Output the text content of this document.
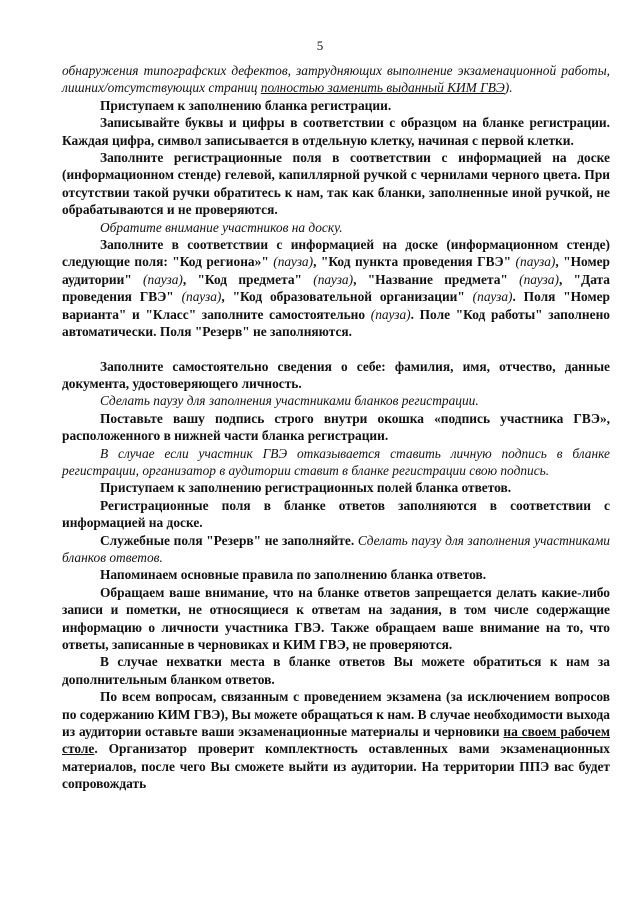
5

обнаружения типографских дефектов, затрудняющих выполнение экзаменационной работы, лишних/отсутствующих страниц полностью заменить выданный КИМ ГВЭ).

Приступаем к заполнению бланка регистрации.

Записывайте буквы и цифры в соответствии с образцом на бланке регистрации. Каждая цифра, символ записывается в отдельную клетку, начиная с первой клетки.

Заполните регистрационные поля в соответствии с информацией на доске (информационном стенде) гелевой, капиллярной ручкой с чернилами черного цвета. При отсутствии такой ручки обратитесь к нам, так как бланки, заполненные иной ручкой, не обрабатываются и не проверяются.

Обратите внимание участников на доску.

Заполните в соответствии с информацией на доске (информационном стенде) следующие поля: "Код региона»" (пауза), "Код пункта проведения ГВЭ" (пауза), "Номер аудитории" (пауза), "Код предмета" (пауза), "Название предмета" (пауза), "Дата проведения ГВЭ" (пауза), "Код образовательной организации" (пауза). Поля "Номер варианта" и "Класс" заполните самостоятельно (пауза). Поле "Код работы" заполнено автоматически. Поля "Резерв" не заполняются.

Заполните самостоятельно сведения о себе: фамилия, имя, отчество, данные документа, удостоверяющего личность.

Сделать паузу для заполнения участниками бланков регистрации.

Поставьте вашу подпись строго внутри окошка «подпись участника ГВЭ», расположенного в нижней части бланка регистрации.

В случае если участник ГВЭ отказывается ставить личную подпись в бланке регистрации, организатор в аудитории ставит в бланке регистрации свою подпись.

Приступаем к заполнению регистрационных полей бланка ответов.

Регистрационные поля в бланке ответов заполняются в соответствии с информацией на доске.

Служебные поля "Резерв" не заполняйте. Сделать паузу для заполнения участниками бланков ответов.

Напоминаем основные правила по заполнению бланка ответов.

Обращаем ваше внимание, что на бланке ответов запрещается делать какие-либо записи и пометки, не относящиеся к ответам на задания, в том числе содержащие информацию о личности участника ГВЭ. Также обращаем ваше внимание на то, что ответы, записанные в черновиках и КИМ ГВЭ, не проверяются.

В случае нехватки места в бланке ответов Вы можете обратиться к нам за дополнительным бланком ответов.

По всем вопросам, связанным с проведением экзамена (за исключением вопросов по содержанию КИМ ГВЭ), Вы можете обращаться к нам. В случае необходимости выхода из аудитории оставьте ваши экзаменационные материалы и черновики на своем рабочем столе. Организатор проверит комплектность оставленных вами экзаменационных материалов, после чего Вы сможете выйти из аудитории. На территории ППЭ вас будет сопровождать
